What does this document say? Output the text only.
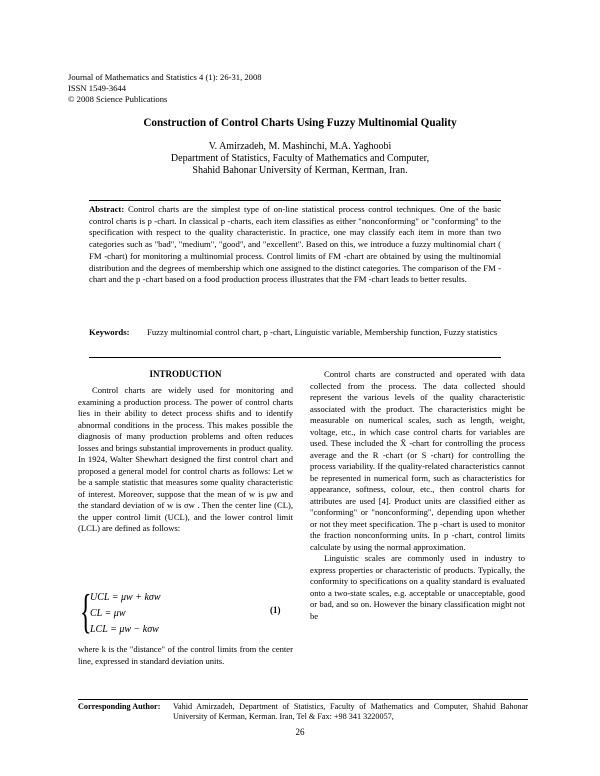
Journal of Mathematics and Statistics 4 (1): 26-31, 2008
ISSN 1549-3644
© 2008 Science Publications
Construction of Control Charts Using Fuzzy Multinomial Quality
V. Amirzadeh, M. Mashinchi, M.A. Yaghoobi
Department of Statistics, Faculty of Mathematics and Computer,
Shahid Bahonar University of Kerman, Kerman, Iran.
Abstract: Control charts are the simplest type of on-line statistical process control techniques. One of the basic control charts is p -chart. In classical p -charts, each item classifies as either "nonconforming" or "conforming" to the specification with respect to the quality characteristic. In practice, one may classify each item in more than two categories such as "bad", "medium", "good", and "excellent". Based on this, we introduce a fuzzy multinomial chart ( FM -chart) for monitoring a multinomial process. Control limits of FM -chart are obtained by using the multinomial distribution and the degrees of membership which one assigned to the distinct categories. The comparison of the FM -chart and the p -chart based on a food production process illustrates that the FM -chart leads to better results.
Keywords: Fuzzy multinomial control chart, p -chart, Linguistic variable, Membership function, Fuzzy statistics
INTRODUCTION

Control charts are widely used for monitoring and examining a production process. The power of control charts lies in their ability to detect process shifts and to identify abnormal conditions in the process. This makes possible the diagnosis of many production problems and often reduces losses and brings substantial improvements in product quality. In 1924, Walter Shewhart designed the first control chart and proposed a general model for control charts as follows: Let w be a sample statistic that measures some quality characteristic of interest. Moreover, suppose that the mean of w is μw and the standard deviation of w is σw . Then the center line (CL), the upper control limit (UCL), and the lower control limit (LCL) are defined as follows:

{
UCL = μw + kσw
CL = μw
LCL = μw − kσw
(1)
where k is the "distance" of the control limits from the center line, expressed in standard deviation units.

Control charts are constructed and operated with data collected from the process. The data collected should represent the various levels of the quality characteristic associated with the product. The characteristics might be measurable on numerical scales, such as length, weight, voltage, etc., in which case control charts for variables are used. These included the X̄ -chart for controlling the process average and the R -chart (or S -chart) for controlling the process variability. If the quality-related characteristics cannot be represented in numerical form, such as characteristics for appearance, softness, colour, etc., then control charts for attributes are used [4]. Product units are classified either as "conforming" or "nonconforming", depending upon whether or not they meet specification. The p -chart is used to monitor the fraction nonconforming units. In p -chart, control limits calculate by using the normal approximation.

Linguistic scales are commonly used in industry to express properties or characteristic of products. Typically, the conformity to specifications on a quality standard is evaluated onto a two-state scales, e.g. acceptable or unacceptable, good or bad, and so on. However the binary classification might not be

Corresponding Author: Vahid Amirzadeh, Department of Statistics, Faculty of Mathematics and Computer, Shahid Bahonar University of Kerman, Kerman. Iran, Tel & Fax: +98 341 3220057,
26
